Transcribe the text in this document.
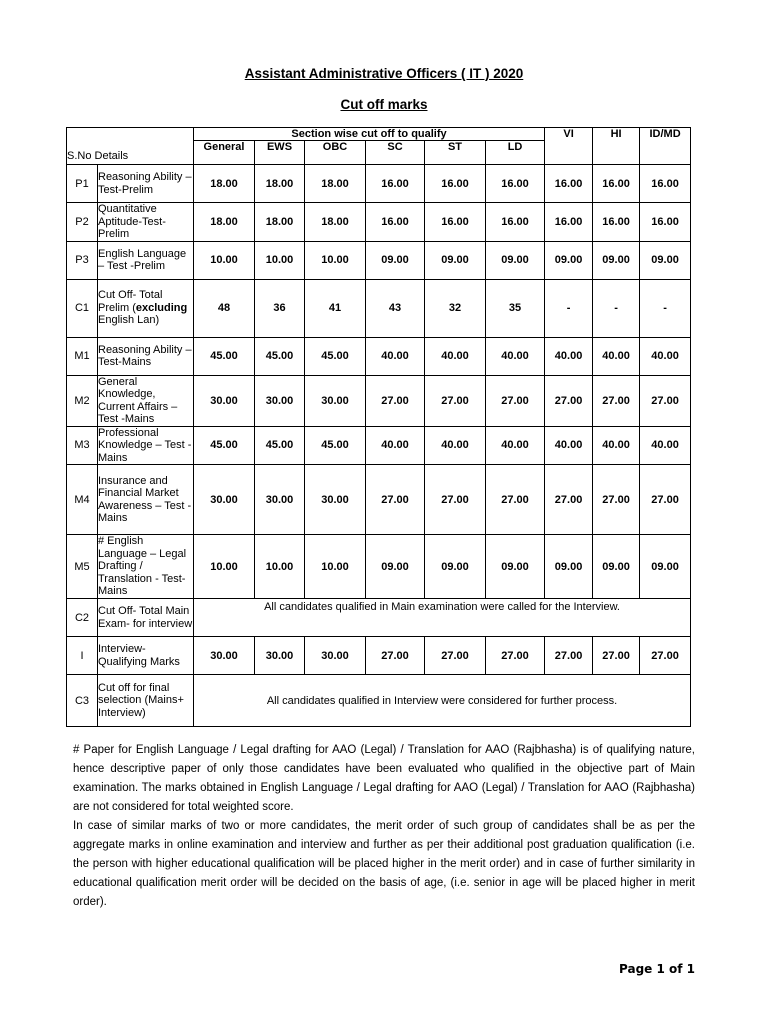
Assistant Administrative Officers ( IT ) 2020
Cut off marks
S.No Details		Section wise cut off to qualify						VI	HI	ID/MD
		General	EWS	OBC	SC	ST	LD			
P1	Reasoning Ability – Test-Prelim	18.00	18.00	18.00	16.00	16.00	16.00	16.00	16.00	16.00
P2	Quantitative Aptitude-Test-Prelim	18.00	18.00	18.00	16.00	16.00	16.00	16.00	16.00	16.00
P3	English Language – Test -Prelim	10.00	10.00	10.00	09.00	09.00	09.00	09.00	09.00	09.00
C1	Cut Off- Total Prelim (excluding English Lan)	48	36	41	43	32	35	-	-	-
M1	Reasoning Ability – Test-Mains	45.00	45.00	45.00	40.00	40.00	40.00	40.00	40.00	40.00
M2	General Knowledge, Current Affairs –Test -Mains	30.00	30.00	30.00	27.00	27.00	27.00	27.00	27.00	27.00
M3	Professional Knowledge – Test -Mains	45.00	45.00	45.00	40.00	40.00	40.00	40.00	40.00	40.00
M4	Insurance and Financial Market Awareness – Test -Mains	30.00	30.00	30.00	27.00	27.00	27.00	27.00	27.00	27.00
M5	# English Language – Legal Drafting / Translation - Test- Mains	10.00	10.00	10.00	09.00	09.00	09.00	09.00	09.00	09.00
C2	Cut Off- Total Main Exam- for interview	All candidates qualified in Main examination were called for the Interview.								
I	Interview- Qualifying Marks	30.00	30.00	30.00	27.00	27.00	27.00	27.00	27.00	27.00
C3	Cut off for final selection (Mains+ Interview)	All candidates qualified in Interview were considered for further process.								
# Paper for English Language / Legal drafting for AAO (Legal) / Translation for AAO (Rajbhasha) is of qualifying nature, hence descriptive paper of only those candidates have been evaluated who qualified in the objective part of Main examination. The marks obtained in English Language / Legal drafting for AAO (Legal) / Translation for AAO (Rajbhasha) are not considered for total weighted score.
In case of similar marks of two or more candidates, the merit order of such group of candidates shall be as per the aggregate marks in online examination and interview and further as per their additional post graduation qualification (i.e. the person with higher educational qualification will be placed higher in the merit order) and in case of further similarity in educational qualification merit order will be decided on the basis of age, (i.e. senior in age will be placed higher in merit order).
Page 1 of 1
